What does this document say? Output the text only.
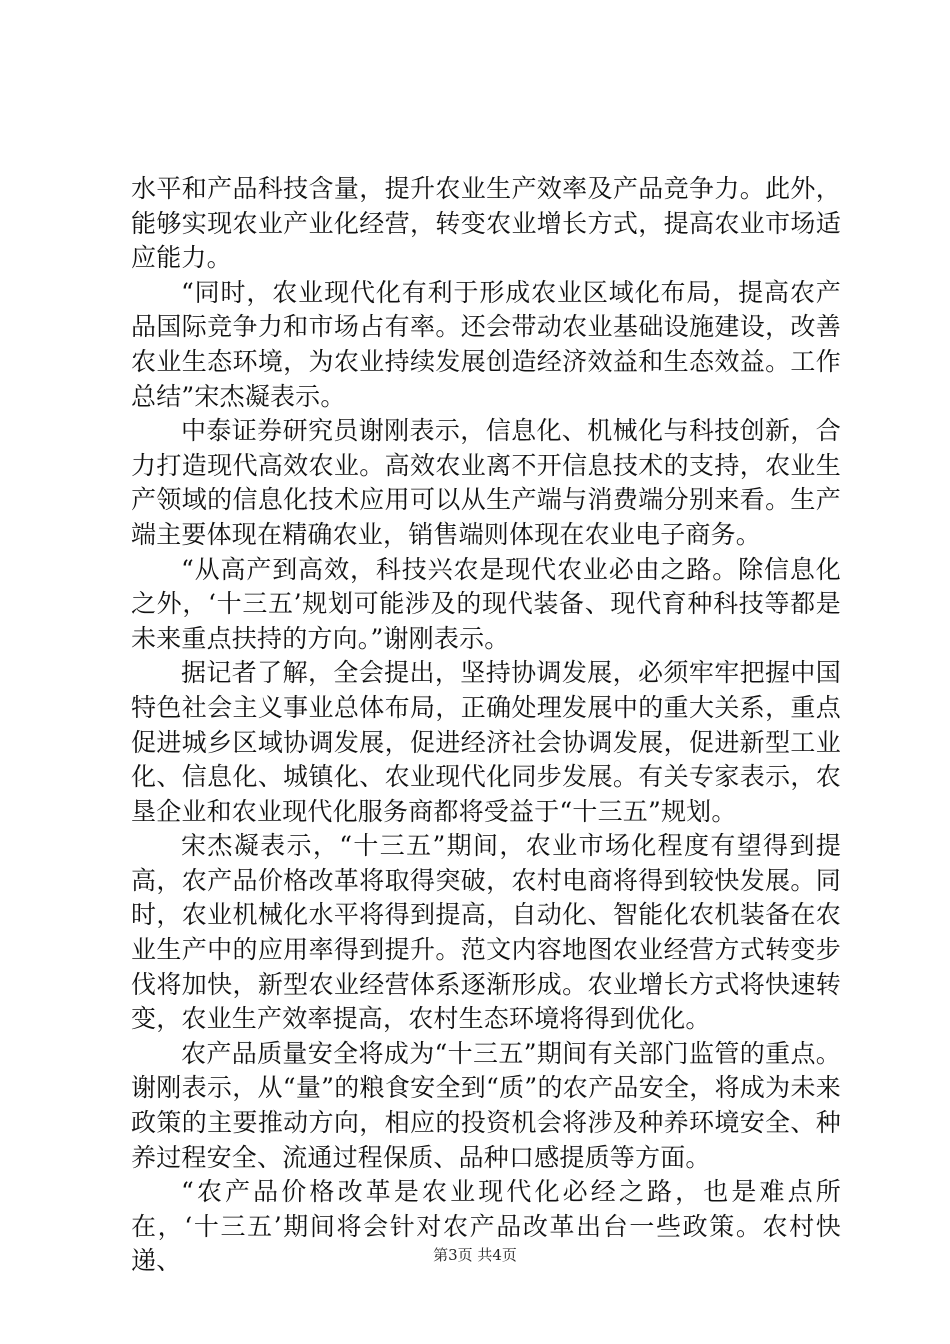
水平和产品科技含量，提升农业生产效率及产品竞争力。此外，能够实现农业产业化经营，转变农业增长方式，提高农业市场适应能力。

“同时，农业现代化有利于形成农业区域化布局，提高农产品国际竞争力和市场占有率。还会带动农业基础设施建设，改善农业生态环境，为农业持续发展创造经济效益和生态效益。工作总结”宋杰凝表示。

中泰证券研究员谢刚表示，信息化、机械化与科技创新，合力打造现代高效农业。高效农业离不开信息技术的支持，农业生产领域的信息化技术应用可以从生产端与消费端分别来看。生产端主要体现在精确农业，销售端则体现在农业电子商务。

“从高产到高效，科技兴农是现代农业必由之路。除信息化之外，‘十三五’规划可能涉及的现代装备、现代育种科技等都是未来重点扶持的方向。”谢刚表示。

据记者了解，全会提出，坚持协调发展，必须牢牢把握中国特色社会主义事业总体布局，正确处理发展中的重大关系，重点促进城乡区域协调发展，促进经济社会协调发展，促进新型工业化、信息化、城镇化、农业现代化同步发展。有关专家表示，农垦企业和农业现代化服务商都将受益于“十三五”规划。

宋杰凝表示，“十三五”期间，农业市场化程度有望得到提高，农产品价格改革将取得突破，农村电商将得到较快发展。同时，农业机械化水平将得到提高，自动化、智能化农机装备在农业生产中的应用率得到提升。范文内容地图农业经营方式转变步伐将加快，新型农业经营体系逐渐形成。农业增长方式将快速转变，农业生产效率提高，农村生态环境将得到优化。

农产品质量安全将成为“十三五”期间有关部门监管的重点。谢刚表示，从“量”的粮食安全到“质”的农产品安全，将成为未来政策的主要推动方向，相应的投资机会将涉及种养环境安全、种养过程安全、流通过程保质、品种口感提质等方面。

“农产品价格改革是农业现代化必经之路，也是难点所在，‘十三五’期间将会针对农产品改革出台一些政策。农村快递、	第3页 共4页
